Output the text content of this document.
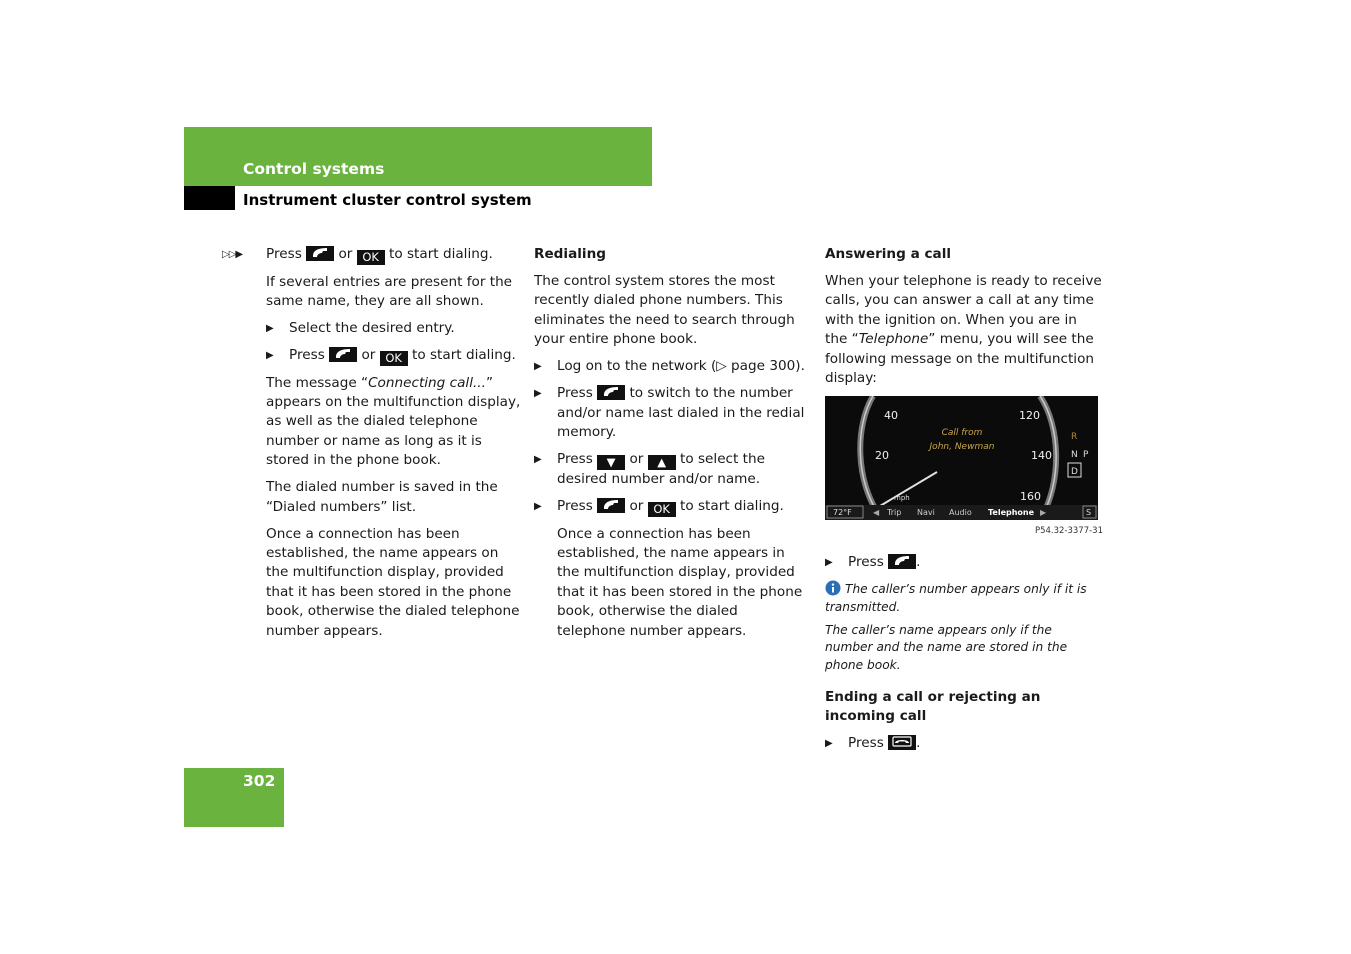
Control systems
Instrument cluster control system
▷▷▶ Press	or OK to start dialing.

If several entries are present for the same name, they are all shown.

▶ Select the desired entry.
▶ Press	or OK to start dialing.

The message “Connecting call...” appears on the multifunction display, as well as the dialed telephone number or name as long as it is stored in the phone book.

The dialed number is saved in the “Dialed numbers” list.

Once a connection has been established, the name appears on the multifunction display, provided that it has been stored in the phone book, otherwise the dialed telephone number appears.

Redialing

The control system stores the most recently dialed phone numbers. This eliminates the need to search through your entire phone book.

▶ Log on to the network (▷ page 300).
▶ Press	to switch to the number and/or name last dialed in the redial memory.
▶ Press ▼ or ▲ to select the desired number and/or name.
▶ Press	or OK to start dialing.

Once a connection has been established, the name appears in the multifunction display, provided that it has been stored in the phone book, otherwise the dialed telephone number appears.

Answering a call

When your telephone is ready to receive calls, you can answer a call at any time with the ignition on. When you are in the “Telephone” menu, you will see the following message on the multifunction display:

40
20
120
140
160
mph
Call from
John, Newman
R
N P
D
72°F	◀ Trip Navi Audio Telephone ▶	S
P54.32-3377-31
▶ Press .

The caller’s number appears only if it is transmitted.

The caller’s name appears only if the number and the name are stored in the phone book.

Ending a call or rejecting an incoming call
▶ Press .
302
